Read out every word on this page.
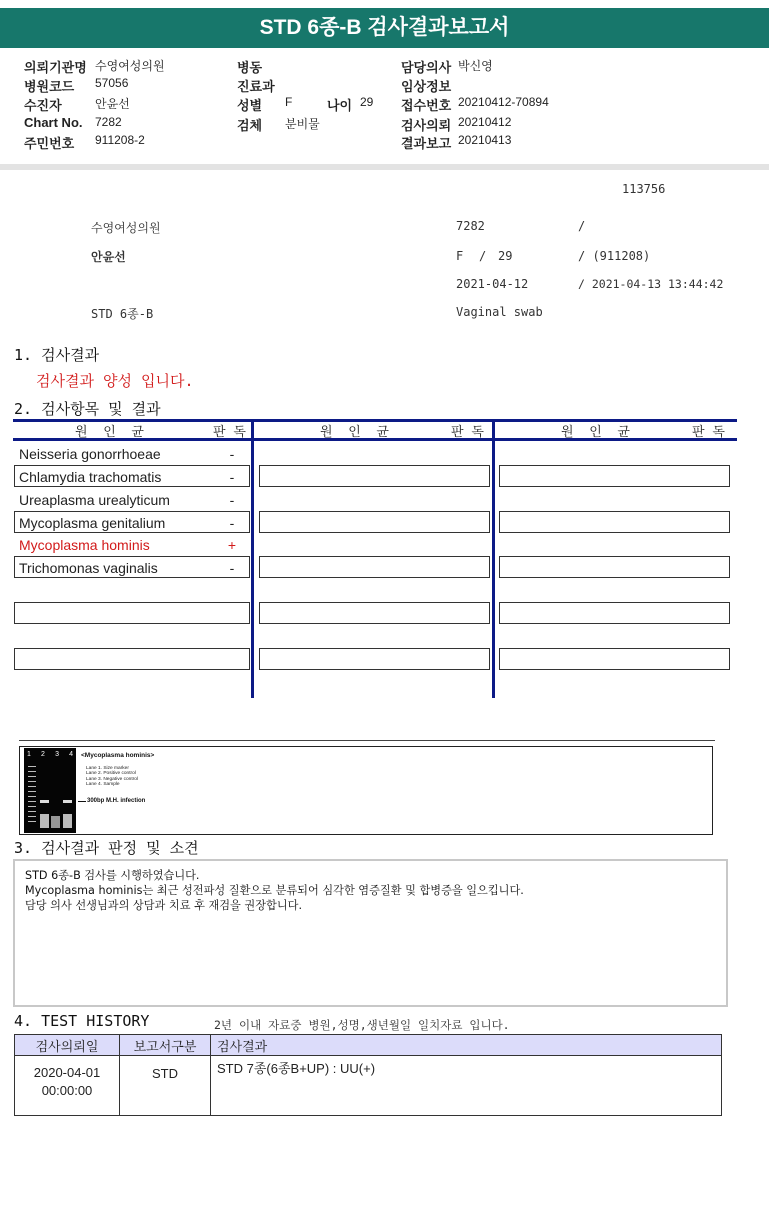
STD 6종-B 검사결과보고서
의뢰기관명 수영여성의원
병원코드 57056
수진자	안윤선
Chart No. 7282
주민번호 911208-2
병동
진료과
성별 F	나이 29
검체 분비물
담당의사 박신영
임상정보
접수번호 20210412-70894
검사의뢰 20210412
결과보고 20210413
113756
수영여성의원	7282	/
안윤선	F / 29	/ (911208)
2021-04-12	/ 2021-04-13 13:44:42
STD 6종-B	Vaginal swab
1. 검사결과
검사결과 양성 입니다.
2. 검사항목 및 결과
원  인  균	판 독	원  인  균	판 독	원  인  균	판 독
Neisseria gonorrhoeae	-
Chlamydia trachomatis	-
Ureaplasma urealyticum	-
Mycoplasma genitalium	-
Mycoplasma hominis	+
Trichomonas vaginalis	-
1 2 3 4 <Mycoplasma hominis>
Lane 1. Size marker
Lane 2. Positive control
Lane 3. Negative control
Lane 4. Sample
300bp M.H. infection
3. 검사결과 판정 및 소견
STD 6종-B 검사를 시행하였습니다.
Mycoplasma hominis는 최근 성전파성 질환으로 분류되어 심각한 염증질환 및 합병증을 일으킵니다.
담당 의사 선생님과의 상담과 치료 후 재검을 권장합니다.
4. TEST HISTORY	2년 이내 자료중 병원,성명,생년월일 일치자료 입니다.
검사의뢰일	보고서구분	검사결과

2020-04-01
00:00:00	STD	STD 7종(6종B+UP) : UU(+)
